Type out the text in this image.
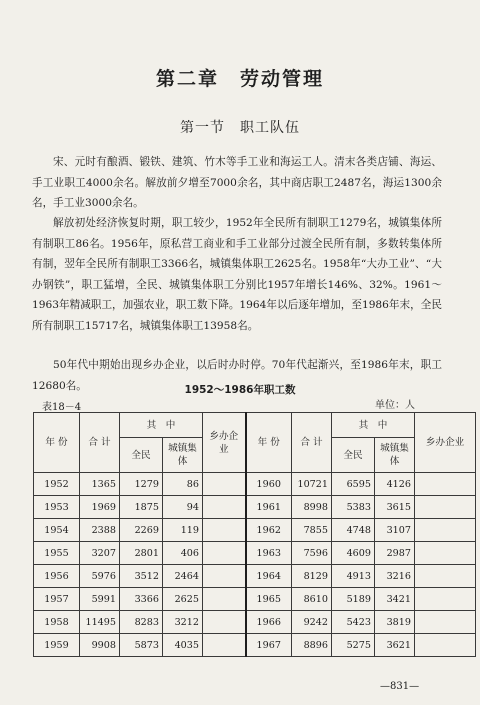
第二章　劳动管理
第一节　职工队伍

宋、元时有酿酒、锻铁、建筑、竹木等手工业和海运工人。清末各类店铺、海运、手工业职工4000余名。解放前夕增至7000余名，其中商店职工2487名，海运1300余名，手工业3000余名。

解放初处经济恢复时期，职工较少，1952年全民所有制职工1279名，城镇集体所有制职工86名。1956年，原私营工商业和手工业部分过渡全民所有制，多数转集体所有制，翌年全民所有制职工3366名，城镇集体职工2625名。1958年“大办工业”、“大办钢铁”，职工猛增，全民、城镇集体职工分别比1957年增长146%、32%。1961～1963年精减职工，加强农业，职工数下降。1964年以后逐年增加，至1986年末，全民所有制职工15717名，城镇集体职工13958名。

50年代中期始出现乡办企业，以后时办时停。70年代起渐兴，至1986年末，职工12680名。	1952～1986年职工数
表18－4	单位：人
年 份	合 计	其　中		乡办企业	年 份	合 计	其　中		乡办企业
		全民	城镇集体				全民	城镇集体	
1952	1365	1279	86		1960	10721	6595	4126	
1953	1969	1875	94		1961	8998	5383	3615	
1954	2388	2269	119		1962	7855	4748	3107	
1955	3207	2801	406		1963	7596	4609	2987	
1956	5976	3512	2464		1964	8129	4913	3216	
1957	5991	3366	2625		1965	8610	5189	3421	
1958	11495	8283	3212		1966	9242	5423	3819	
1959	9908	5873	4035		1967	8896	5275	3621	
—831—
